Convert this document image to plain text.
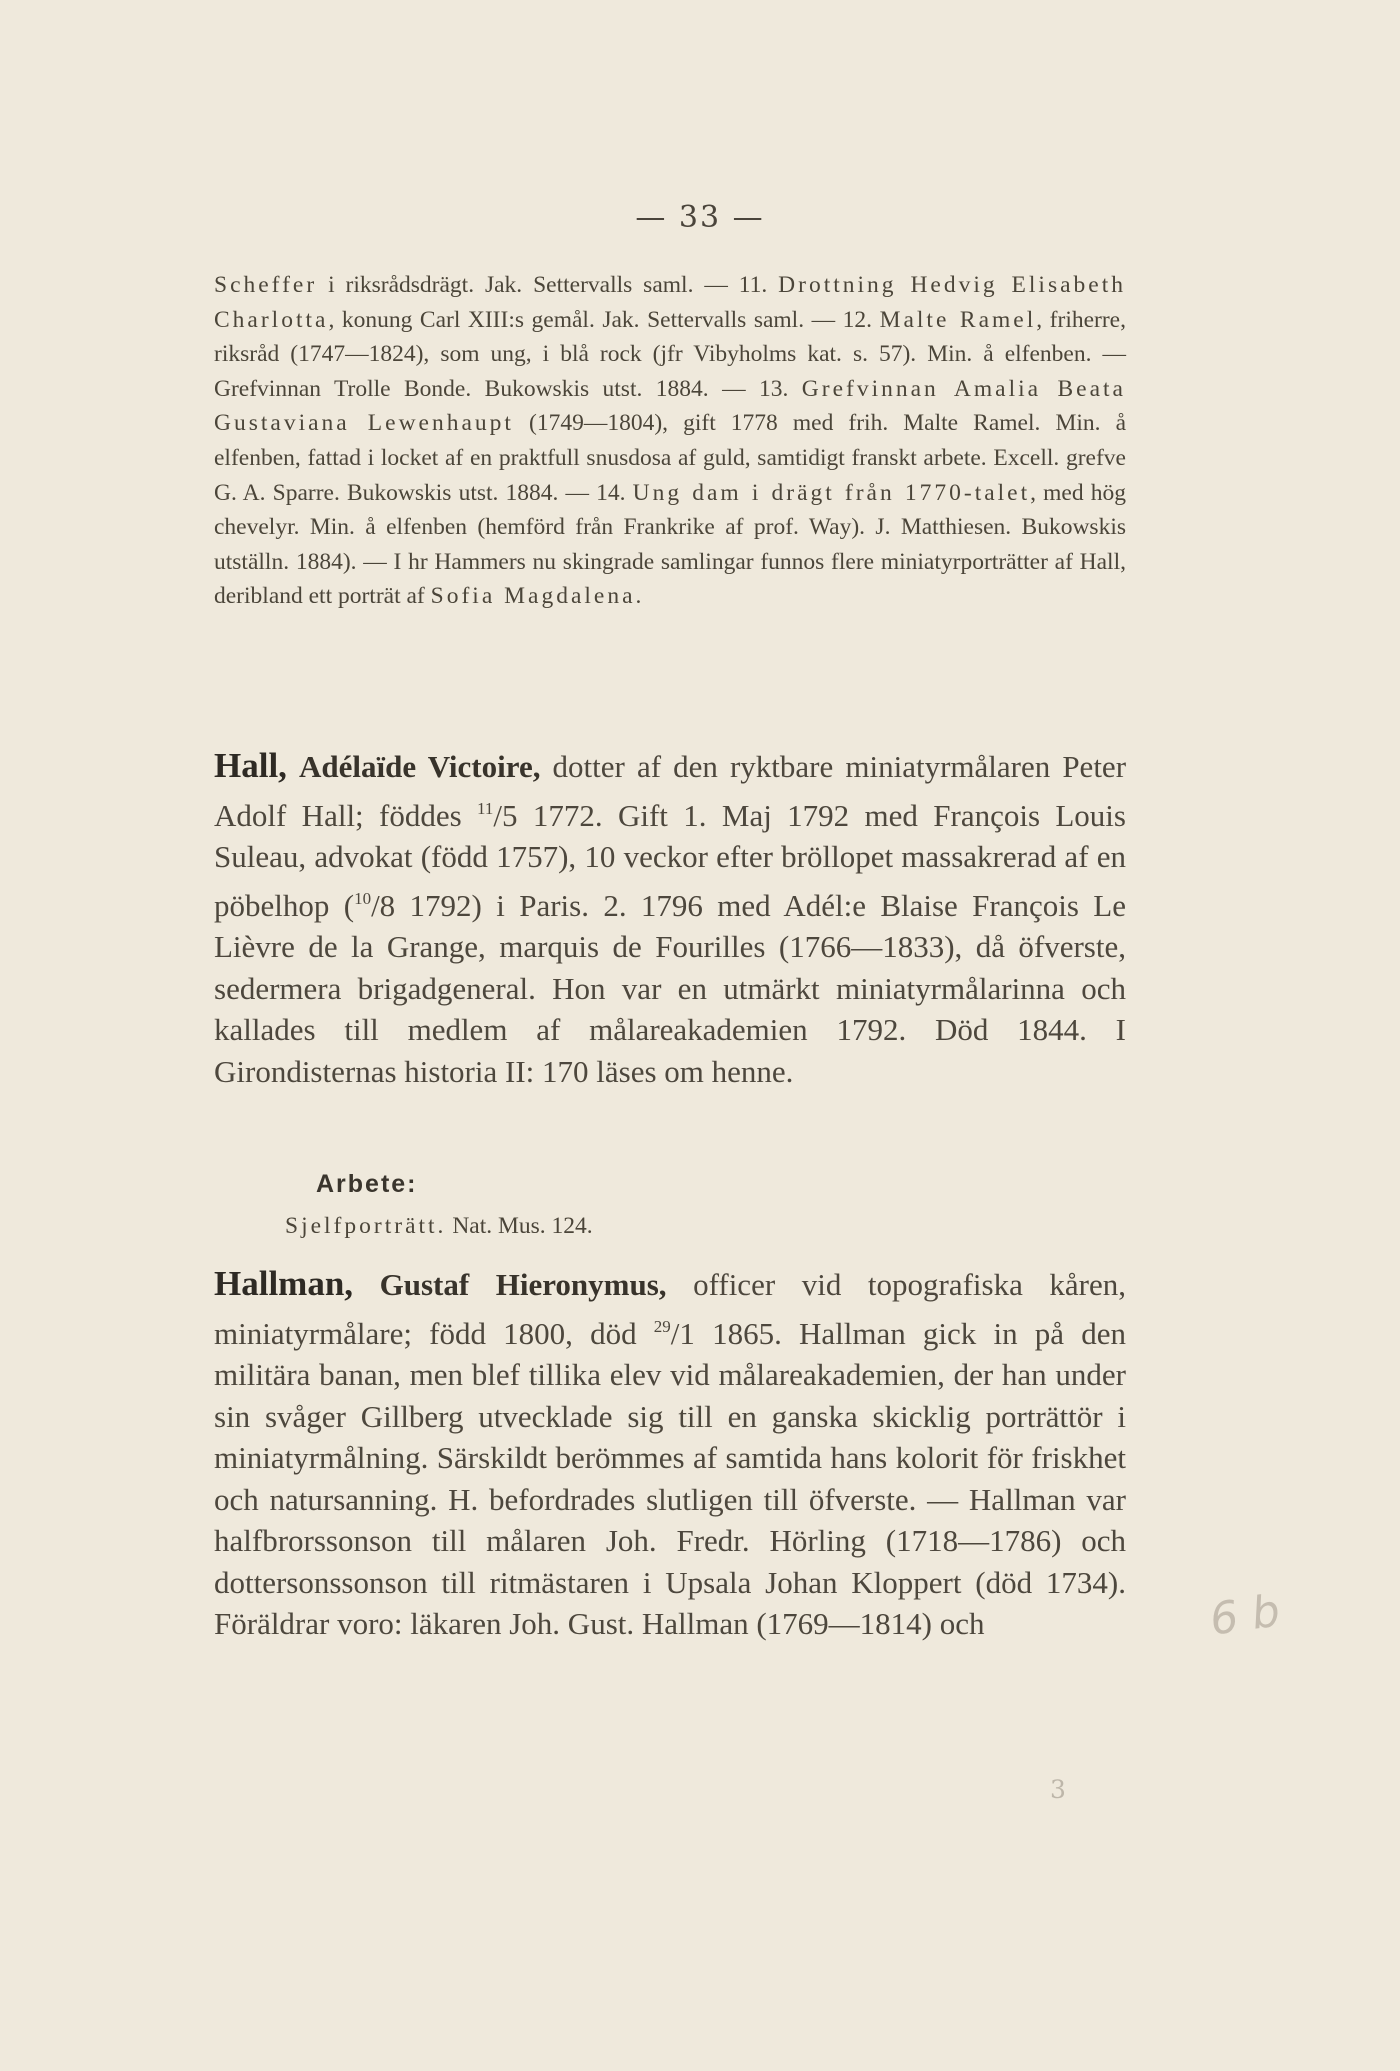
— 33 —

Scheffer i riksrådsdrägt. Jak. Settervalls saml. — 11. Drottning Hedvig Elisabeth Charlotta, konung Carl XIII:s gemål. Jak. Settervalls saml. — 12. Malte Ramel, friherre, riksråd (1747—1824), som ung, i blå rock (jfr Vibyholms kat. s. 57). Min. å elfenben. — Grefvinnan Trolle Bonde. Bukowskis utst. 1884. — 13. Grefvinnan Amalia Beata Gustaviana Lewenhaupt (1749—1804), gift 1778 med frih. Malte Ramel. Min. å elfenben, fattad i locket af en praktfull snusdosa af guld, samtidigt franskt arbete. Excell. grefve G. A. Sparre. Bukowskis utst. 1884. — 14. Ung dam i drägt från 1770-talet, med hög chevelyr. Min. å elfenben (hemförd från Frankrike af prof. Way). J. Matthiesen. Bukowskis utställn. 1884). — I hr Hammers nu skingrade samlingar funnos flere miniatyrporträtter af Hall, deribland ett porträt af Sofia Magdalena.

Hall, Adélaïde Victoire, dotter af den ryktbare miniatyrmålaren Peter Adolf Hall; föddes $^{11}$/5 1772. Gift 1. Maj 1792 med François Louis Suleau, advokat (född 1757), 10 veckor efter bröllopet massakrerad af en pöbelhop ($^{10}$/8 1792) i Paris. 2. 1796 med Adél:e Blaise François Le Lièvre de la Grange, marquis de Fourilles (1766—1833), då öfverste, sedermera brigadgeneral. Hon var en utmärkt miniatyrmålarinna och kallades till medlem af målareakademien 1792. Död 1844. I Girondisternas historia II: 170 läses om henne.

Arbete:
Sjelfporträtt. Nat. Mus. 124.

Hallman, Gustaf Hieronymus, officer vid topografiska kåren, miniatyrmålare; född 1800, död $^{29}$/1 1865. Hallman gick in på den militära banan, men blef tillika elev vid målareakademien, der han under sin svåger Gillberg utvecklade sig till en ganska skicklig porträttör i miniatyrmålning. Särskildt berömmes af samtida hans kolorit för friskhet och natursanning. H. befordrades slutligen till öfverste. — Hallman var halfbrorssonson till målaren Joh. Fredr. Hörling (1718—1786) och dottersonssonson till ritmästaren i Upsala Johan Kloppert (död 1734). Föräldrar voro: läkaren Joh. Gust. Hallman (1769—1814) och	6 b
3
